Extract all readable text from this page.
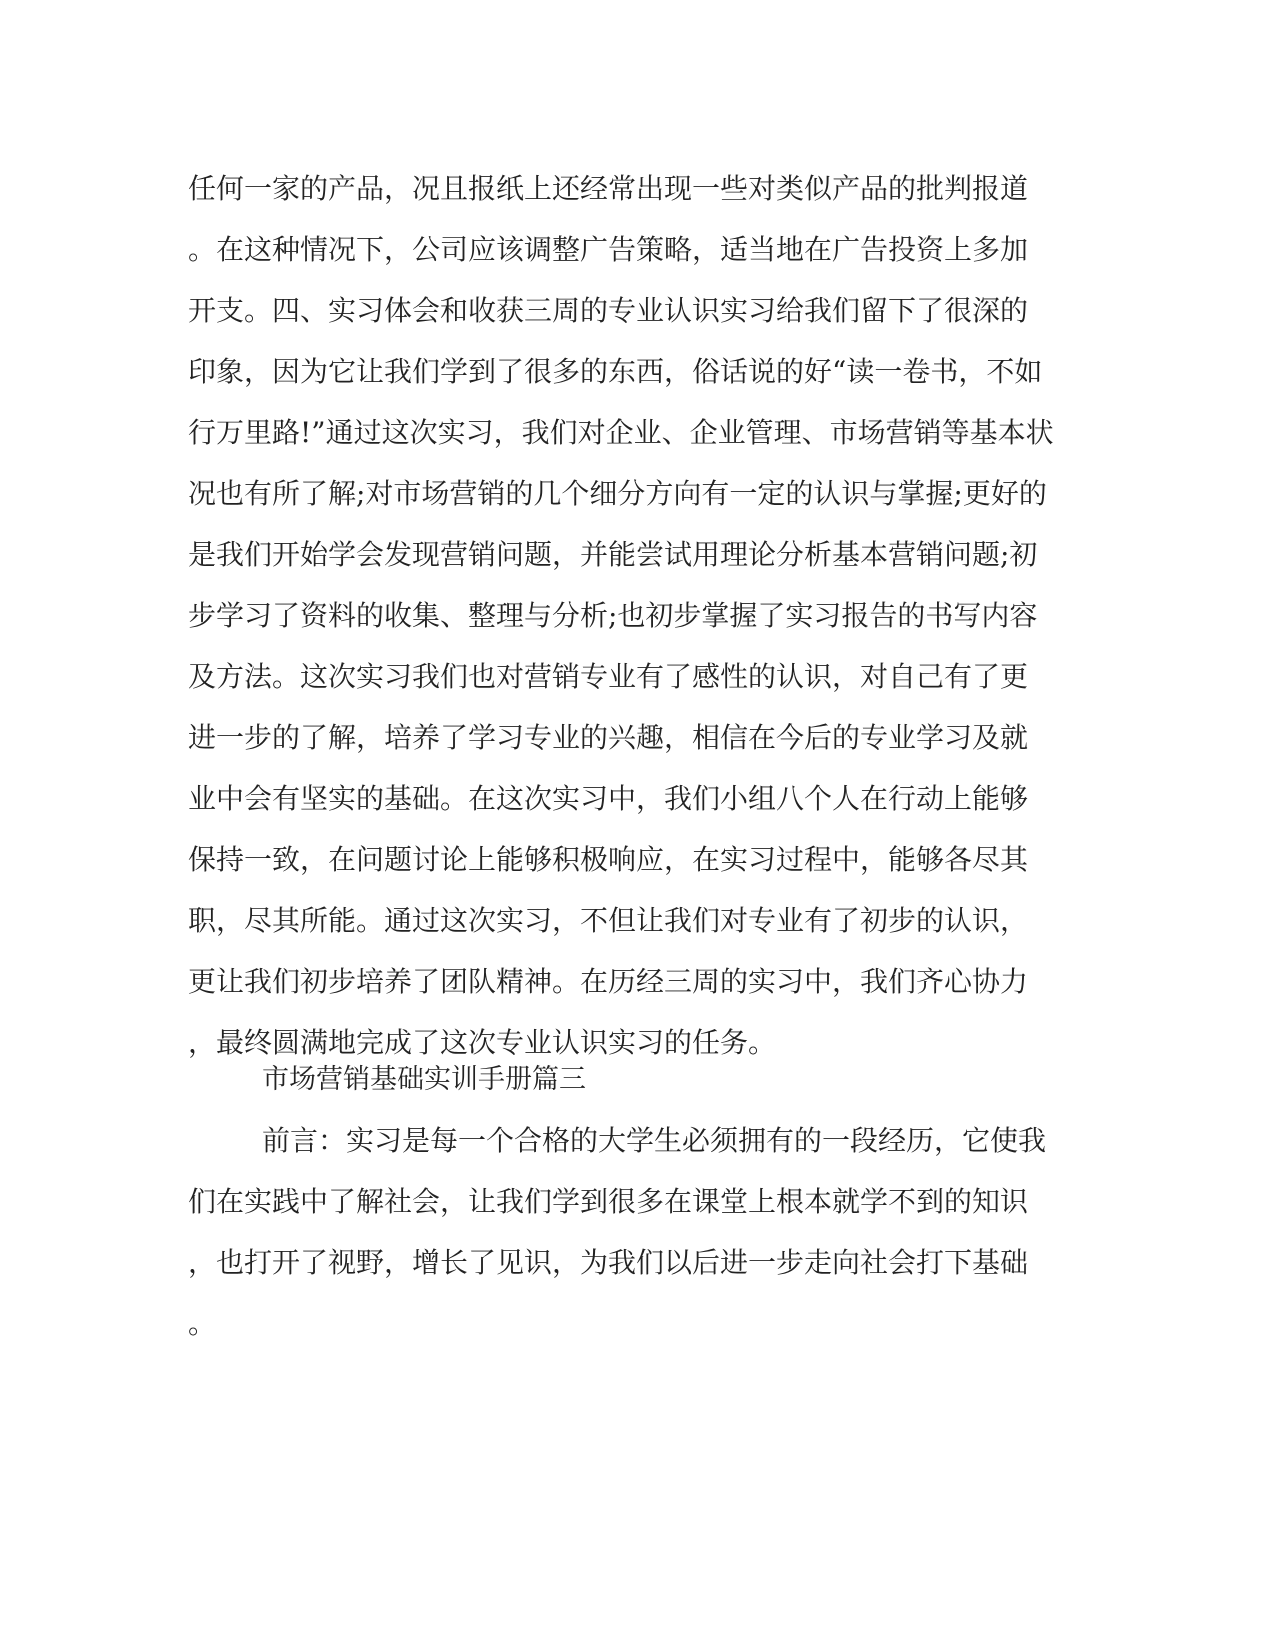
任何一家的产品，况且报纸上还经常出现一些对类似产品的批判报道
。在这种情况下，公司应该调整广告策略，适当地在广告投资上多加
开支。四、实习体会和收获三周的专业认识实习给我们留下了很深的
印象，因为它让我们学到了很多的东西，俗话说的好“读一卷书，不如
行万里路!”通过这次实习，我们对企业、企业管理、市场营销等基本状
况也有所了解;对市场营销的几个细分方向有一定的认识与掌握;更好的
是我们开始学会发现营销问题，并能尝试用理论分析基本营销问题;初
步学习了资料的收集、整理与分析;也初步掌握了实习报告的书写内容
及方法。这次实习我们也对营销专业有了感性的认识，对自己有了更
进一步的了解，培养了学习专业的兴趣，相信在今后的专业学习及就
业中会有坚实的基础。在这次实习中，我们小组八个人在行动上能够
保持一致，在问题讨论上能够积极响应，在实习过程中，能够各尽其
职，尽其所能。通过这次实习，不但让我们对专业有了初步的认识，
更让我们初步培养了团队精神。在历经三周的实习中，我们齐心协力
，最终圆满地完成了这次专业认识实习的任务。
市场营销基础实训手册篇三
前言：实习是每一个合格的大学生必须拥有的一段经历，它使我
们在实践中了解社会，让我们学到很多在课堂上根本就学不到的知识
，也打开了视野，增长了见识，为我们以后进一步走向社会打下基础
。
